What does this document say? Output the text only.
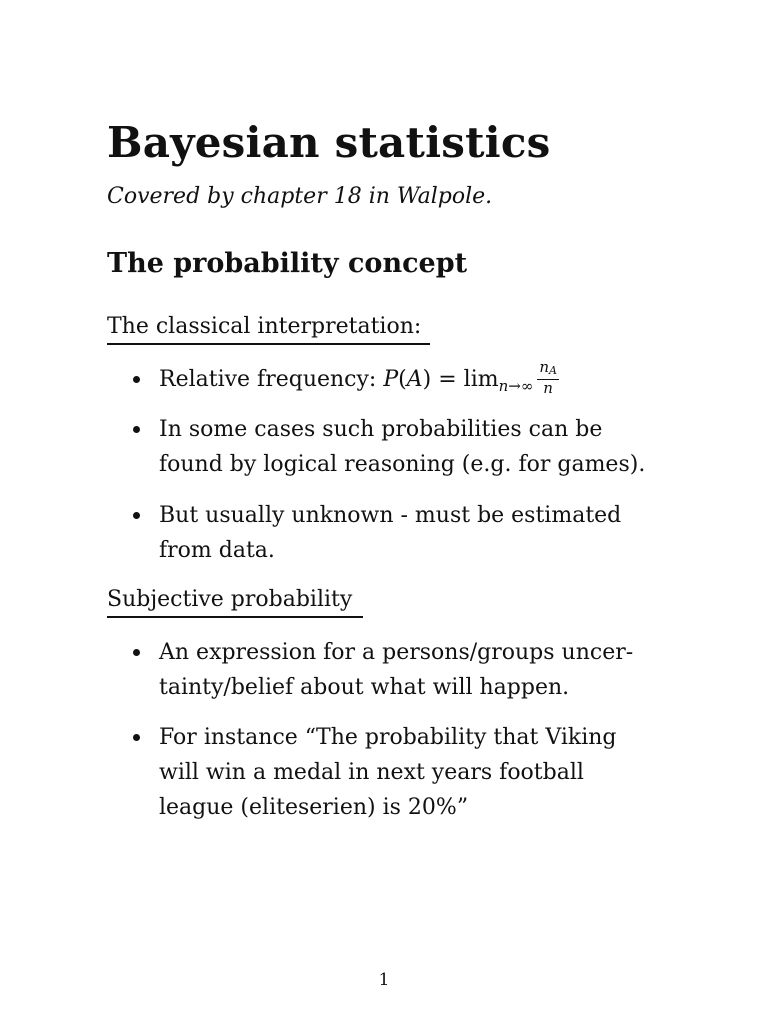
Bayesian statistics
Covered by chapter 18 in Walpole.
The probability concept
The classical interpretation:
Relative frequency: $P(A) = \lim_{n\to\infty} \frac{nA}{n}$
In some cases such probabilities can be
found by logical reasoning (e.g. for games).
But usually unknown - must be estimated
from data.
Subjective probability
An expression for a persons/groups uncer-
tainty/belief about what will happen.
For instance “The probability that Viking
will win a medal in next years football
league (eliteserien) is 20%”
1
